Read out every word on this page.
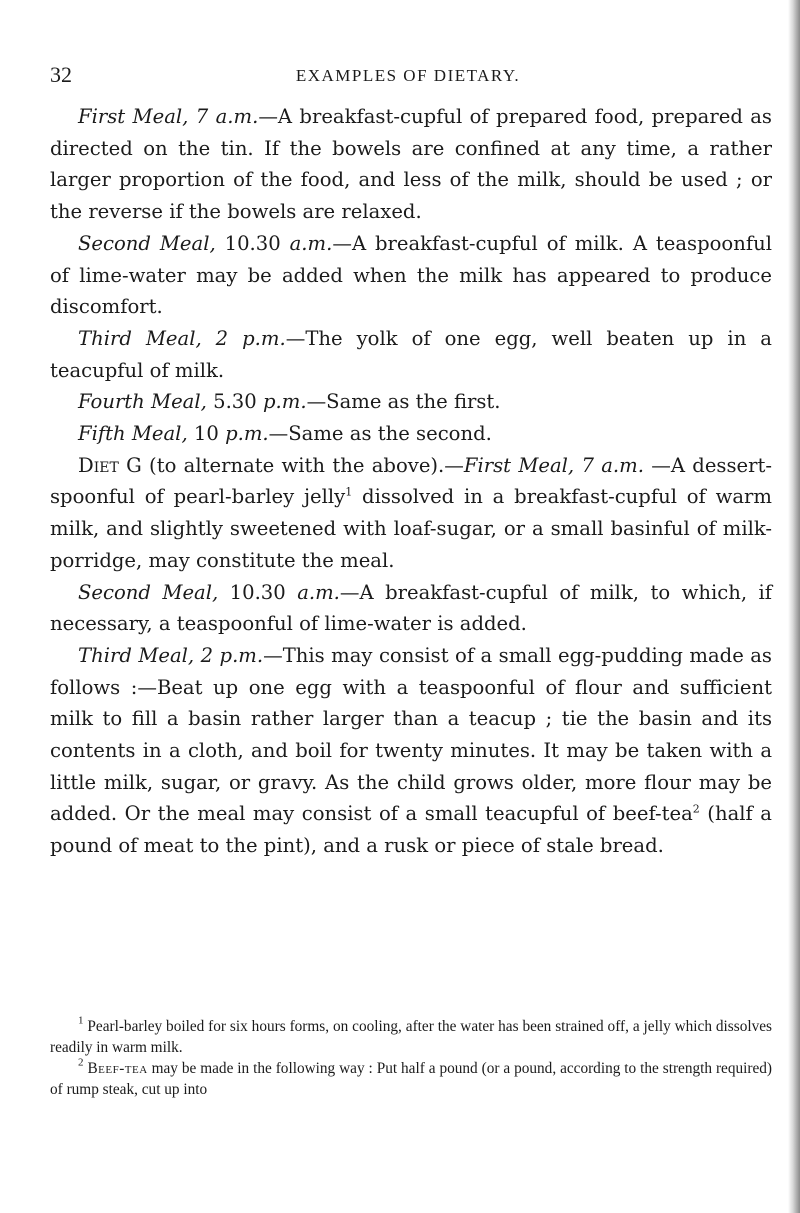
32	EXAMPLES OF DIETARY.

First Meal, 7 a.m.—A breakfast-cupful of prepared food, prepared as directed on the tin. If the bowels are confined at any time, a rather larger proportion of the food, and less of the milk, should be used ; or the reverse if the bowels are relaxed.

Second Meal, 10.30 a.m.—A breakfast-cupful of milk. A teaspoonful of lime-water may be added when the milk has appeared to produce discomfort.

Third Meal, 2 p.m.—The yolk of one egg, well beaten up in a teacupful of milk.

Fourth Meal, 5.30 p.m.—Same as the first.

Fifth Meal, 10 p.m.—Same as the second.

Diet G (to alternate with the above).—First Meal, 7 a.m. —A dessert-spoonful of pearl-barley jelly$^1$ dissolved in a breakfast-cupful of warm milk, and slightly sweetened with loaf-sugar, or a small basinful of milk-porridge, may constitute the meal.

Second Meal, 10.30 a.m.—A breakfast-cupful of milk, to which, if necessary, a teaspoonful of lime-water is added.

Third Meal, 2 p.m.—This may consist of a small egg-pudding made as follows :—Beat up one egg with a teaspoonful of flour and sufficient milk to fill a basin rather larger than a teacup ; tie the basin and its contents in a cloth, and boil for twenty minutes. It may be taken with a little milk, sugar, or gravy. As the child grows older, more flour may be added. Or the meal may consist of a small teacupful of beef-tea$^2$ (half a pound of meat to the pint), and a rusk or piece of stale bread.

$^1$ Pearl-barley boiled for six hours forms, on cooling, after the water has been strained off, a jelly which dissolves readily in warm milk.

$^2$ Beef-tea may be made in the following way : Put half a pound (or a pound, according to the strength required) of rump steak, cut up into
